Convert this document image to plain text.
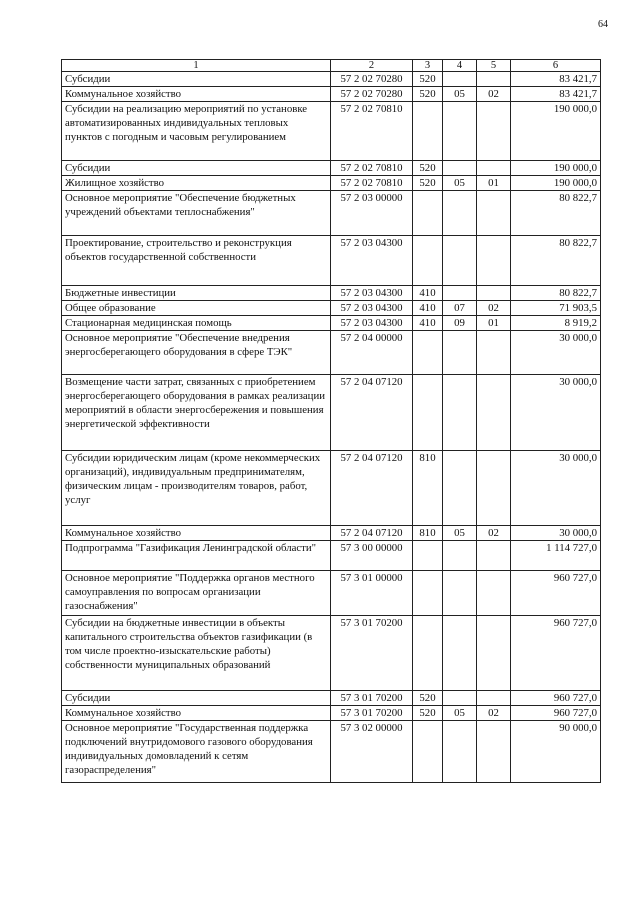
64
1	2	3	4	5	6
Субсидии	57 2 02 70280	520			83 421,7
Коммунальное хозяйство	57 2 02 70280	520	05	02	83 421,7
Субсидии на реализацию мероприятий по установке автоматизированных индивидуальных тепловых пунктов с погодным и часовым регулированием	57 2 02 70810				190 000,0
Субсидии	57 2 02 70810	520			190 000,0
Жилищное хозяйство	57 2 02 70810	520	05	01	190 000,0
Основное мероприятие "Обеспечение бюджетных учреждений объектами теплоснабжения"	57 2 03 00000				80 822,7
Проектирование, строительство и реконструкция объектов государственной собственности	57 2 03 04300				80 822,7
Бюджетные инвестиции	57 2 03 04300	410			80 822,7
Общее образование	57 2 03 04300	410	07	02	71 903,5
Стационарная медицинская помощь	57 2 03 04300	410	09	01	8 919,2
Основное мероприятие "Обеспечение внедрения энергосберегающего оборудования в сфере ТЭК"	57 2 04 00000				30 000,0
Возмещение части затрат, связанных с приобретением энергосберегающего оборудования в рамках реализации мероприятий в области энергосбережения и повышения энергетической эффективности	57 2 04 07120				30 000,0
Субсидии юридическим лицам (кроме некоммерческих организаций), индивидуальным предпринимателям, физическим лицам - производителям товаров, работ, услуг	57 2 04 07120	810			30 000,0
Коммунальное хозяйство	57 2 04 07120	810	05	02	30 000,0
Подпрограмма "Газификация Ленинградской области"	57 3 00 00000				1 114 727,0
Основное мероприятие "Поддержка органов местного самоуправления по вопросам организации газоснабжения"	57 3 01 00000				960 727,0
Субсидии на бюджетные инвестиции в объекты капитального строительства объектов газификации (в том числе проектно-изыскательские работы) собственности муниципальных образований	57 3 01 70200				960 727,0
Субсидии	57 3 01 70200	520			960 727,0
Коммунальное хозяйство	57 3 01 70200	520	05	02	960 727,0
Основное мероприятие "Государственная поддержка подключений внутридомового газового оборудования индивидуальных домовладений к сетям газораспределения"	57 3 02 00000				90 000,0
